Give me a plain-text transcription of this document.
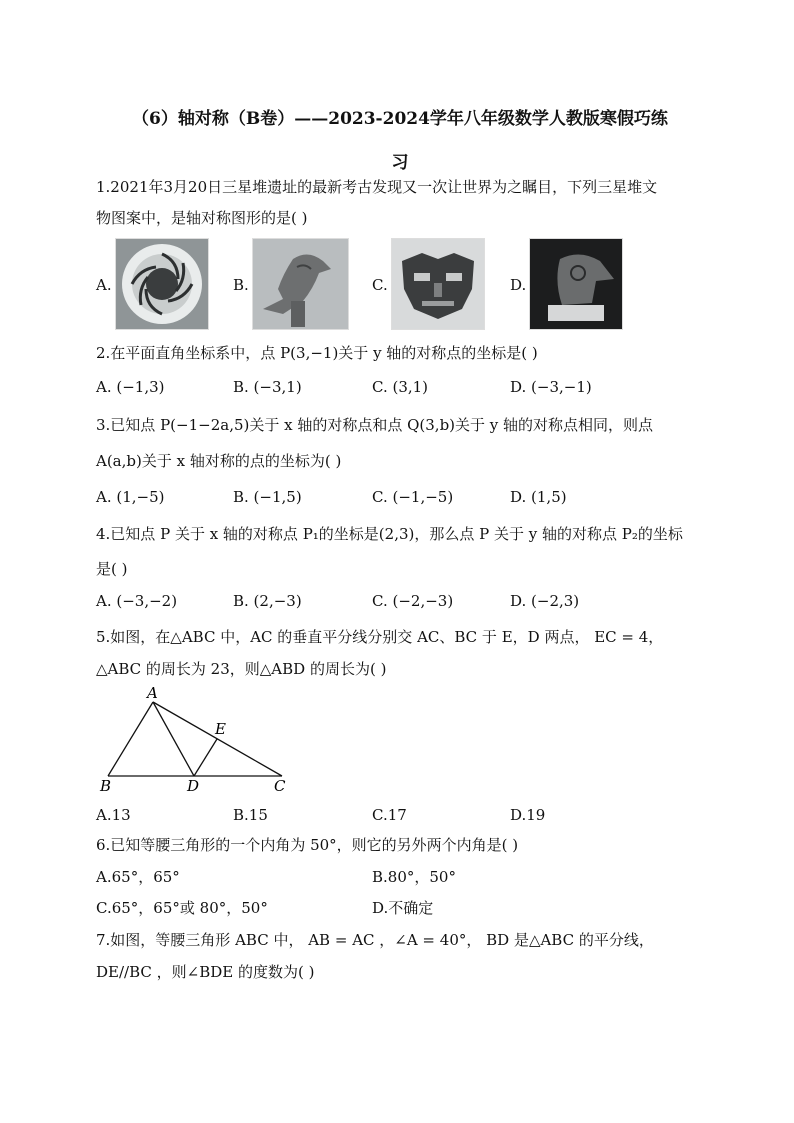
（6）轴对称（B卷）——2023-2024学年八年级数学人教版寒假巧练
习
1.2021年3月20日三星堆遗址的最新考古发现又一次让世界为之瞩目，下列三星堆文
物图案中，是轴对称图形的是( )
A.	B.	C.	D.
2.在平面直角坐标系中，点 P(3,−1)关于 y 轴的对称点的坐标是( )
A. (−1,3)	B. (−3,1)	C. (3,1)	D. (−3,−1)
3.已知点 P(−1−2a,5)关于 x 轴的对称点和点 Q(3,b)关于 y 轴的对称点相同，则点
A(a,b)关于 x 轴对称的点的坐标为( )
A. (1,−5)	B. (−1,5)	C. (−1,−5)	D. (1,5)
4.已知点 P 关于 x 轴的对称点 P₁的坐标是(2,3)，那么点 P 关于 y 轴的对称点 P₂的坐标
是( )
A. (−3,−2)	B. (2,−3)	C. (−2,−3)	D. (−2,3)
5.如图，在△ABC 中，AC 的垂直平分线分别交 AC、BC 于 E，D 两点， EC = 4，
△ABC 的周长为 23，则△ABD 的周长为( )
A
B	C
D
E
A.13	B.15	C.17	D.19
6.已知等腰三角形的一个内角为 50°，则它的另外两个内角是( )
A.65°，65°	B.80°，50°
C.65°，65°或 80°，50°	D.不确定
7.如图，等腰三角形 ABC 中， AB = AC ，∠A = 40°， BD 是△ABC 的平分线，
DE//BC ，则∠BDE 的度数为( )
